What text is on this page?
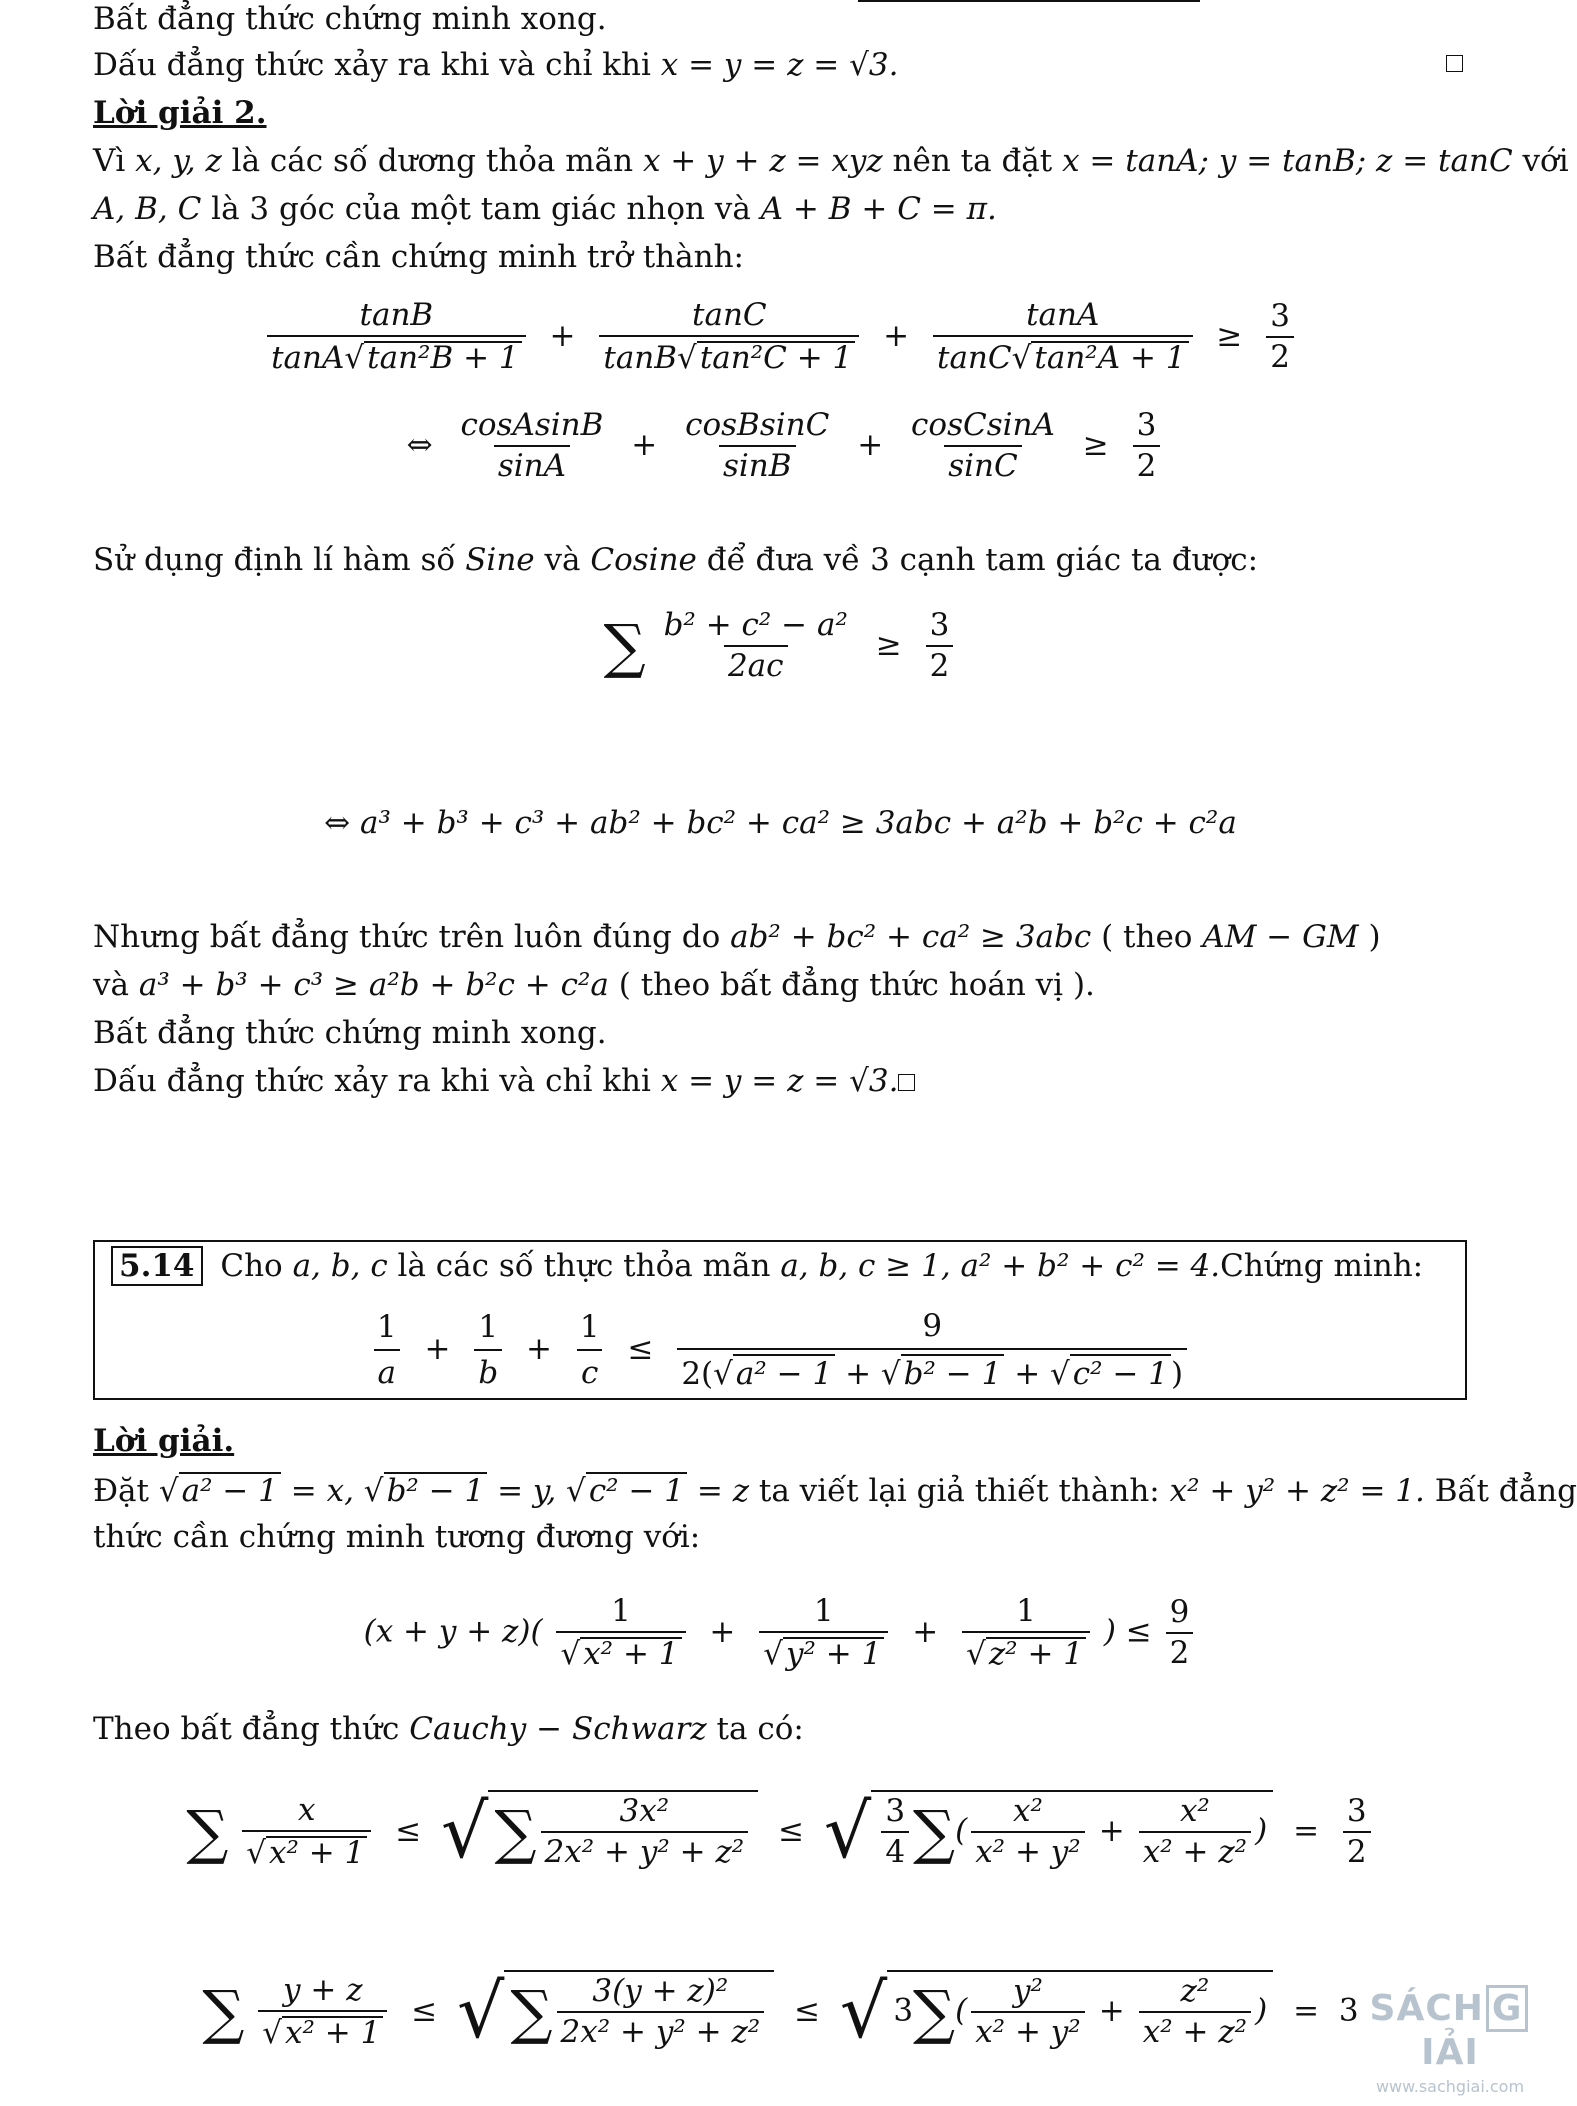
Bất đẳng thức chứng minh xong.
Dấu đẳng thức xảy ra khi và chỉ khi x = y = z = √3.
Lời giải 2.
Vì x, y, z là các số dương thỏa mãn x + y + z = xyz nên ta đặt x = tanA; y = tanB; z = tanC với
A, B, C là 3 góc của một tam giác nhọn và A + B + C = π.
Bất đẳng thức cần chứng minh trở thành:
$\frac{\tan B}{\text{tanA√tan²B + 1}} + \frac{\tan C}{\text{tanB√tan²C + 1}} + \frac{\tan A}{\text{tanC√tan²A + 1}} \ge \frac{3}{2}$
⇔ $\frac{\text{cosAsinB}}{\sin A} + \frac{\text{cosBsinC}}{\sin B} + \frac{\text{cosCsinA}}{\sin C} \ge \frac{3}{2}$
Sử dụng định lí hàm số Sine và Cosine để đưa về 3 cạnh tam giác ta được:
∑ $\frac{\text{b² + c² − a²}}{2ac} \ge \frac{3}{2}$
⇔ a³ + b³ + c³ + ab² + bc² + ca² ≥ 3abc + a²b + b²c + c²a
Nhưng bất đẳng thức trên luôn đúng do ab² + bc² + ca² ≥ 3abc ( theo AM − GM )
và a³ + b³ + c³ ≥ a²b + b²c + c²a ( theo bất đẳng thức hoán vị ).
Bất đẳng thức chứng minh xong.
Dấu đẳng thức xảy ra khi và chỉ khi x = y = z = √3.
5.14 Cho a, b, c là các số thực thỏa mãn a, b, c ≥ 1, a² + b² + c² = 4.Chứng minh:
$\frac{1}{a} + \frac{1}{b} + \frac{1}{c} \le \frac{9}{\text{2(√a² − 1 + √b² − 1 + √c² − 1)}}$
Lời giải.
Đặt √a² − 1 = x, √b² − 1 = y, √c² − 1 = z ta viết lại giả thiết thành: x² + y² + z² = 1. Bất đẳng
thức cần chứng minh tương đương với:
$(x + y + z)( \frac{1}{\text{√x² + 1}} + \frac{1}{\text{√y² + 1}} + \frac{1}{\text{√z² + 1}}$ ) ≤ $\frac{9}{2}$
Theo bất đẳng thức Cauchy − Schwarz ta có:
∑ $\frac{x}{\text{√x² + 1}}$ ≤ √ ∑ $\frac{\text{3x²}}{\text{2x² + y² + z²}}$ ≤ √ $\frac{3}{4}$ ∑( $\frac{\text{x²}}{\text{x² + y²}} + \frac{\text{x²}}{\text{x² + z²}}$ ) = $\frac{3}{2}$
∑ $\frac{y + z}{\text{√x² + 1}}$ ≤ √ ∑ $\frac{\text{3(y + z)²}}{\text{2x² + y² + z²}}$ ≤ √ $3\sum( \frac{\text{y²}}{\text{x² + y²}} + \frac{\text{z²}}{\text{x² + z²}}$ ) = 3 SÁCH GIẢI
www.sachgiai.com
